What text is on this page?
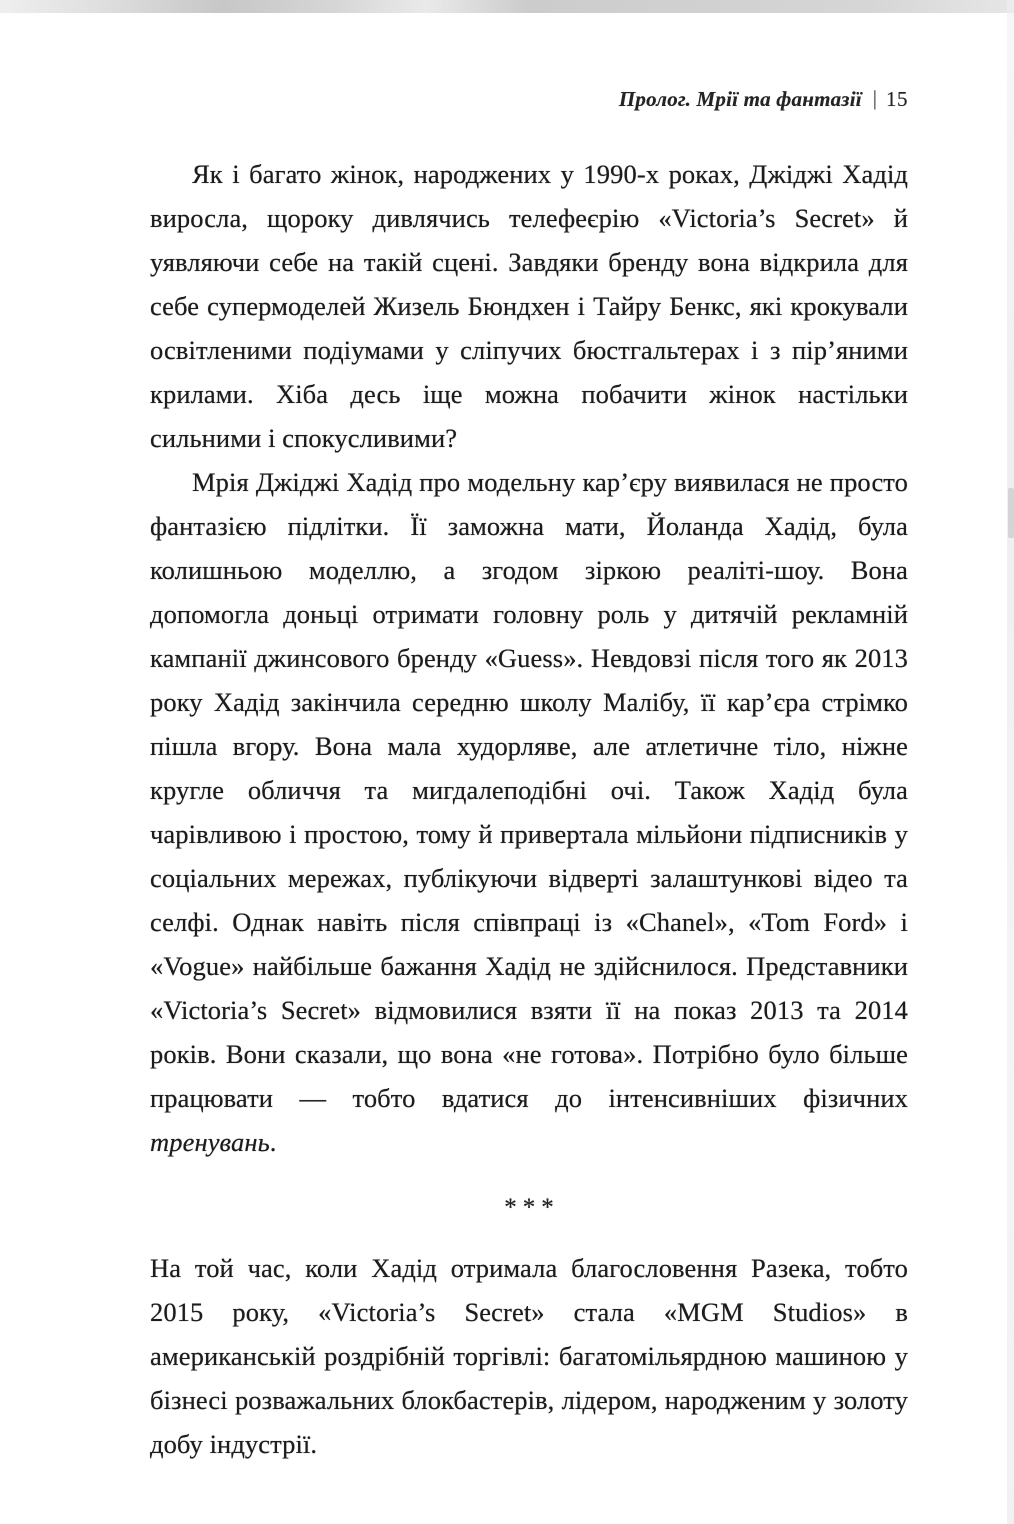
Пролог. Мрії та фантазії | 15

Як і багато жінок, народжених у 1990-х роках, Джіджі Хадід виросла, щороку дивлячись телефеєрію «Victoria’s Secret» й уявляючи себе на такій сцені. Завдяки бренду вона відкрила для себе супермоделей Жизель Бюндхен і Тайру Бенкс, які крокували освітленими подіумами у сліпучих бюстгальтерах і з пір’яними крилами. Хіба десь іще можна побачити жінок настільки сильними і спокусливими?

Мрія Джіджі Хадід про модельну кар’єру виявилася не просто фантазією підлітки. Її заможна мати, Йоланда Хадід, була колишньою моделлю, а згодом зіркою реаліті-шоу. Вона допомогла доньці отримати головну роль у дитячій рекламній кампанії джинсового бренду «Guess». Невдовзі після того як 2013 року Хадід закінчила середню школу Малібу, її кар’єра стрімко пішла вгору. Вона мала худорляве, але атлетичне тіло, ніжне кругле обличчя та мигдалеподібні очі. Також Хадід була чарівливою і простою, тому й привертала мільйони підписників у соціальних мережах, публікуючи відверті залаштункові відео та селфі. Однак навіть після співпраці із «Chanel», «Tom Ford» і «Vogue» найбільше бажання Хадід не здійснилося. Представники «Victoria’s Secret» відмовилися взяти її на показ 2013 та 2014 років. Вони сказали, що вона «не готова». Потрібно було більше працювати — тобто вдатися до інтенсивніших фізичних тренувань.

***

На той час, коли Хадід отримала благословення Разека, тобто 2015 року, «Victoria’s Secret» стала «MGM Studios» в американській роздрібній торгівлі: багатомільярдною машиною у бізнесі розважальних блокбастерів, лідером, народженим у золоту добу індустрії.
